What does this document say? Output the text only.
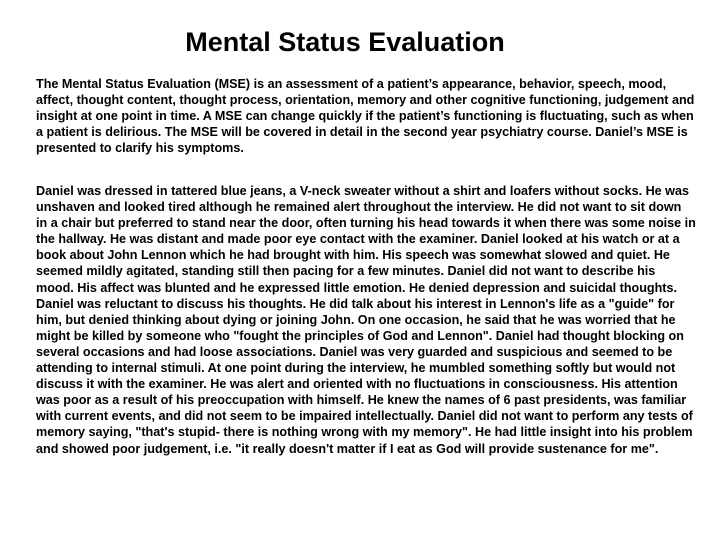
Mental Status Evaluation
The Mental Status Evaluation (MSE) is an assessment of a patient’s appearance, behavior, speech, mood, affect, thought content, thought process, orientation, memory and other cognitive functioning, judgement and insight at one point in time. A MSE can change quickly if the patient’s functioning is fluctuating, such as when a patient is delirious. The MSE will be covered in detail in the second year psychiatry course. Daniel’s MSE is presented to clarify his symptoms.
Daniel was dressed in tattered blue jeans, a V-neck sweater without a shirt and loafers without socks. He was unshaven and looked tired although he remained alert throughout the interview. He did not want to sit down in a chair but preferred to stand near the door, often turning his head towards it when there was some noise in the hallway. He was distant and made poor eye contact with the examiner. Daniel looked at his watch or at a book about John Lennon which he had brought with him. His speech was somewhat slowed and quiet. He seemed mildly agitated, standing still then pacing for a few minutes. Daniel did not want to describe his mood. His affect was blunted and he expressed little emotion. He denied depression and suicidal thoughts. Daniel was reluctant to discuss his thoughts. He did talk about his interest in Lennon's life as a "guide" for him, but denied thinking about dying or joining John. On one occasion, he said that he was worried that he might be killed by someone who "fought the principles of God and Lennon". Daniel had thought blocking on several occasions and had loose associations. Daniel was very guarded and suspicious and seemed to be attending to internal stimuli. At one point during the interview, he mumbled something softly but would not discuss it with the examiner. He was alert and oriented with no fluctuations in consciousness. His attention was poor as a result of his preoccupation with himself. He knew the names of 6 past presidents, was familiar with current events, and did not seem to be impaired intellectually. Daniel did not want to perform any tests of memory saying, "that's stupid- there is nothing wrong with my memory". He had little insight into his problem and showed poor judgement, i.e. "it really doesn't matter if I eat as God will provide sustenance for me".
